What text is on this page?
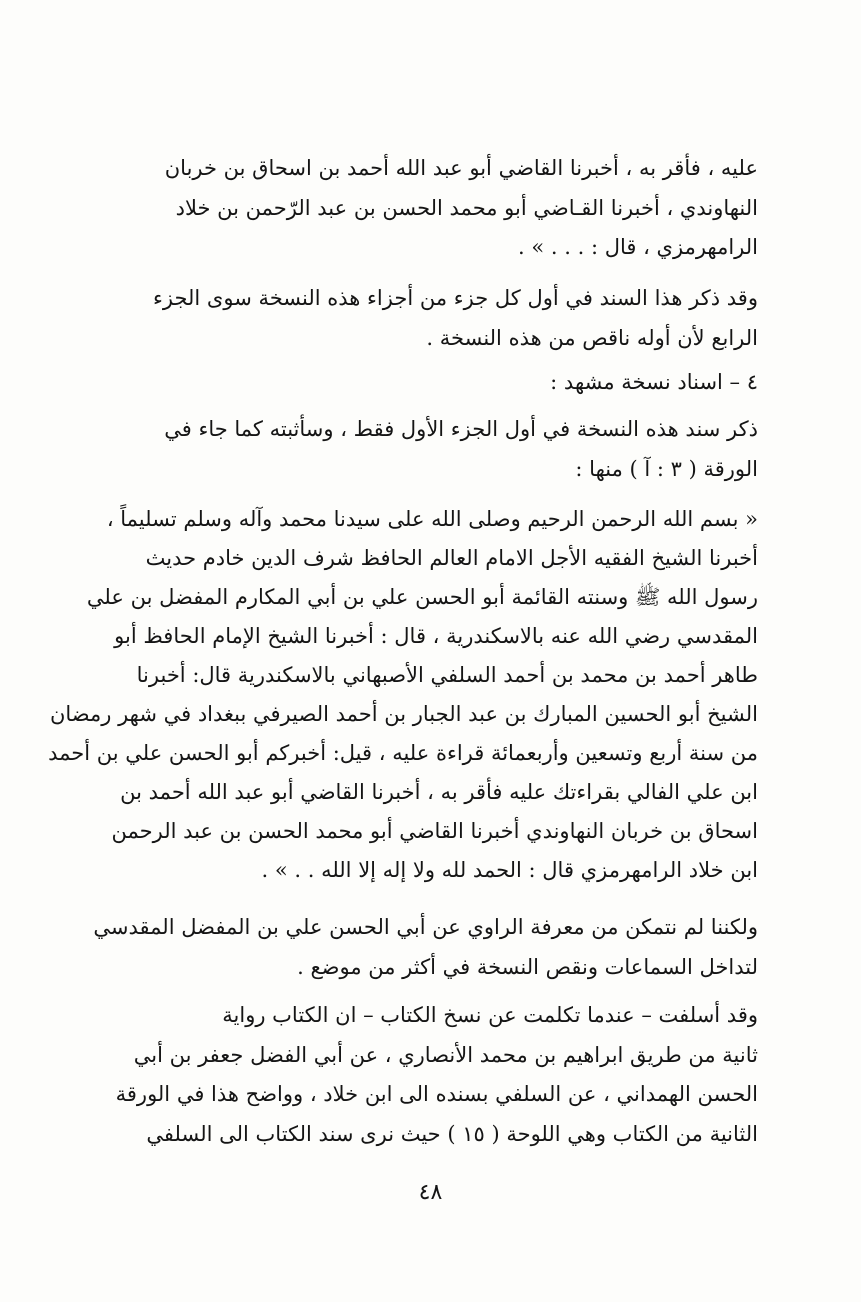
عليه ، فأقر به ، أخبرنا القاضي أبو عبد الله أحمد بن اسحاق بن خربان
النهاوندي ، أخبرنا القـاضي أبو محمد الحسن بن عبد الرّحمن بن خلاد
الرامهرمزي ، قال : . . . » .

وقد ذكر هذا السند في أول كل جزء من أجزاء هذه النسخة سوى الجزء
الرابع لأن أوله ناقص من هذه النسخة .

٤ – اسناد نسخة مشهد :

ذكر سند هذه النسخة في أول الجزء الأول فقط ، وسأثبته كما جاء في
الورقة ( ٣ : آ ) منها :

« بسم الله الرحمن الرحيم وصلى الله على سيدنا محمد وآله وسلم تسليماً ،
أخبرنا الشيخ الفقيه الأجل الامام العالم الحافظ شرف الدين خادم حديث
رسول الله ﷺ وسنته القائمة أبو الحسن علي بن أبي المكارم المفضل بن علي
المقدسي رضي الله عنه بالاسكندرية ، قال : أخبرنا الشيخ الإمام الحافظ أبو
طاهر أحمد بن محمد بن أحمد السلفي الأصبهاني بالاسكندرية قال: أخبرنا
الشيخ أبو الحسين المبارك بن عبد الجبار بن أحمد الصيرفي ببغداد في شهر رمضان
من سنة أربع وتسعين وأربعمائة قراءة عليه ، قيل: أخبركم أبو الحسن علي بن أحمد
ابن علي الفالي بقراءتك عليه فأقر به ، أخبرنا القاضي أبو عبد الله أحمد بن
اسحاق بن خربان النهاوندي أخبرنا القاضي أبو محمد الحسن بن عبد الرحمن
ابن خلاد الرامهرمزي قال : الحمد لله ولا إله إلا الله . . » .

ولكننا لم نتمكن من معرفة الراوي عن أبي الحسن علي بن المفضل المقدسي
لتداخل السماعات ونقص النسخة في أكثر من موضع .

وقد أسلفت – عندما تكلمت عن نسخ الكتاب – ان الكتاب رواية
ثانية من طريق ابراهيم بن محمد الأنصاري ، عن أبي الفضل جعفر بن أبي
الحسن الهمداني ، عن السلفي بسنده الى ابن خلاد ، وواضح هذا في الورقة
الثانية من الكتاب وهي اللوحة ( ١٥ ) حيث نرى سند الكتاب الى السلفي

٤٨
